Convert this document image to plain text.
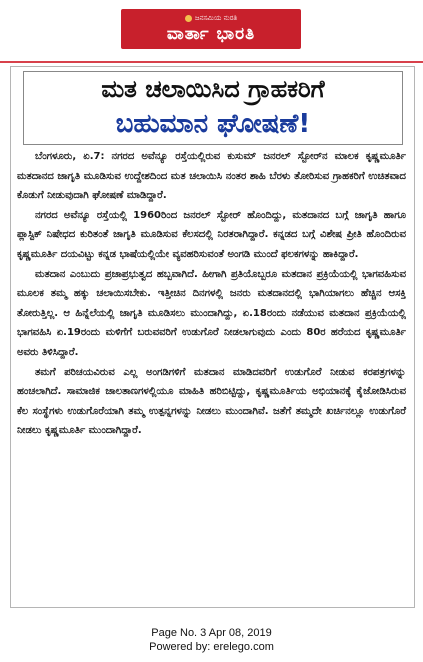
ಜನಸಮಿಯ ನುರತಿ
ವಾರ್ತಾ ಭಾರತಿ
ಮತ ಚಲಾಯಿಸಿದ ಗ್ರಾಹಕರಿಗೆ
ಬಹುಮಾನ ಘೋಷಣೆ!

ಬೆಂಗಳೂರು, ಏ.7: ನಗರದ ಅವೆನ್ಯೂ ರಸ್ತೆಯಲ್ಲಿರುವ ಕುಸುಮ್ ಜನರಲ್ ಸ್ಟೋರ್‌ನ ಮಾಲಕ ಕೃಷ್ಣಮೂರ್ತಿ ಮತದಾನದ ಜಾಗೃತಿ ಮೂಡಿಸುವ ಉದ್ದೇಶದಿಂದ ಮತ ಚಲಾಯಿಸಿ ನಂತರ ಶಾಹಿ ಬೆರಳು ತೋರಿಸುವ ಗ್ರಾಹಕರಿಗೆ ಉಚಿತವಾದ ಕೊಡುಗೆ ನೀಡುವುದಾಗಿ ಘೋಷಣೆ ಮಾಡಿದ್ದಾರೆ.

ನಗರದ ಅವೆನ್ಯೂ ರಸ್ತೆಯಲ್ಲಿ 1960ರಿಂದ ಜನರಲ್ ಸ್ಟೋರ್ ಹೊಂದಿದ್ದು, ಮತದಾನದ ಬಗ್ಗೆ ಜಾಗೃತಿ ಹಾಗೂ ಪ್ಲಾಸ್ಟಿಕ್ ನಿಷೇಧದ ಕುರಿತಂತೆ ಜಾಗೃತಿ ಮೂಡಿಸುವ ಕೆಲಸದಲ್ಲಿ ನಿರತರಾಗಿದ್ದಾರೆ. ಕನ್ನಡದ ಬಗ್ಗೆ ವಿಶೇಷ ಪ್ರೀತಿ ಹೊಂದಿರುವ ಕೃಷ್ಣಮೂರ್ತಿ ದಯವಿಟ್ಟು ಕನ್ನಡ ಭಾಷೆಯಲ್ಲಿಯೇ ವ್ಯವಹರಿಸುವಂತೆ ಅಂಗಡಿ ಮುಂದೆ ಫಲಕಗಳನ್ನು ಹಾಕಿದ್ದಾರೆ.

ಮತದಾನ ಎಂಬುದು ಪ್ರಜಾಪ್ರಭುತ್ವದ ಹಬ್ಬವಾಗಿದೆ. ಹೀಗಾಗಿ ಪ್ರತಿಯೊಬ್ಬರೂ ಮತದಾನ ಪ್ರಕ್ರಿಯೆಯಲ್ಲಿ ಭಾಗವಹಿಸುವ ಮೂಲಕ ತಮ್ಮ ಹಕ್ಕು ಚಲಾಯಿಸಬೇಕು. ಇತ್ತೀಚಿನ ದಿನಗಳಲ್ಲಿ ಜನರು ಮತದಾನದಲ್ಲಿ ಭಾಗಿಯಾಗಲು ಹೆಚ್ಚಿನ ಆಸಕ್ತಿ ತೋರುತ್ತಿಲ್ಲ. ಆ ಹಿನ್ನೆಲೆಯಲ್ಲಿ ಜಾಗೃತಿ ಮೂಡಿಸಲು ಮುಂದಾಗಿದ್ದು, ಏ.18ರಂದು ನಡೆಯುವ ಮತದಾನ ಪ್ರಕ್ರಿಯೆಯಲ್ಲಿ ಭಾಗವಹಿಸಿ ಏ.19ರಂದು ಮಳಿಗೆಗೆ ಬರುವವರಿಗೆ ಉಡುಗೊರೆ ನೀಡಲಾಗುವುದು ಎಂದು 80ರ ಹರೆಯದ ಕೃಷ್ಣಮೂರ್ತಿ ಅವರು ತಿಳಿಸಿದ್ದಾರೆ.

ತಮಗೆ ಪರಿಚಯವಿರುವ ಎಲ್ಲ ಅಂಗಡಿಗಳಿಗೆ ಮತದಾನ ಮಾಡಿದವರಿಗೆ ಉಡುಗೊರೆ ನೀಡುವ ಕರಪತ್ರಗಳನ್ನು ಹಂಚಲಾಗಿದೆ. ಸಾಮಾಜಿಕ ಜಾಲತಾಣಗಳಲ್ಲಿಯೂ ಮಾಹಿತಿ ಹರಿಬಿಟ್ಟಿದ್ದು, ಕೃಷ್ಣಮೂರ್ತಿಯ ಅಭಿಯಾನಕ್ಕೆ ಕೈಜೋಡಿಸಿರುವ ಕೆಲ ಸಂಸ್ಥೆಗಳು ಉಡುಗೊರೆಯಾಗಿ ತಮ್ಮ ಉತ್ಪನ್ನಗಳನ್ನು ನೀಡಲು ಮುಂದಾಗಿವೆ. ಜತೆಗೆ ತಮ್ಮದೇ ಖರ್ಚಿನಲ್ಲೂ ಉಡುಗೊರೆ ನೀಡಲು ಕೃಷ್ಣಮೂರ್ತಿ ಮುಂದಾಗಿದ್ದಾರೆ.

Page No. 3 Apr 08, 2019
Powered by: erelego.com
